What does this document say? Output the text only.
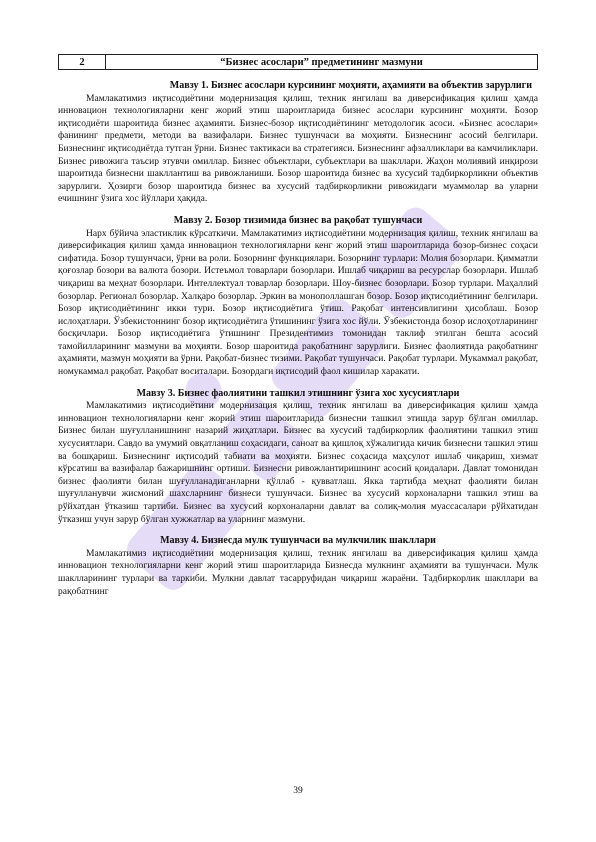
2	“Бизнес асослари” предметининг мазмуни
Мавзу 1. Бизнес асослари курсининг моҳияти, аҳамияти ва объектив зарурлиги

Мамлакатимиз иқтисодиётини модернизация қилиш, техник янгилаш ва диверсификация қилиш ҳамда инновацион технологияларни кенг жорий этиш шароитларида бизнес асослари курсининг моҳияти. Бозор иқтисодиёти шароитида бизнес аҳамияти. Бизнес-бозор иқтисодиётининг методологик асоси. «Бизнес асослари» фанининг предмети, методи ва вазифалари. Бизнес тушунчаси ва моҳияти. Бизнеснинг асосий белгилари. Бизнеснинг иқтисодиётда тутган ўрни. Бизнес тактикаси ва стратегияси. Бизнеснинг афзалликлари ва камчиликлари. Бизнес ривожига таъсир этувчи омиллар. Бизнес объектлари, субъектлари ва шакллари. Жаҳон молиявий инқирози шароитида бизнесни шакллантиш ва ривожланиши. Бозор шароитида бизнес ва хусусий тадбиркорликни объектив зарурлиги. Ҳозирги бозор шароитида бизнес ва хусусий тадбиркорликни ривожидаги муаммолар ва уларни ечишнинг ўзига хос йўллари ҳақида.

Мавзу 2. Бозор тизимида бизнес ва рақобат тушунчаси

Нарх бўйича эластиклик кўрсаткичи. Мамлакатимиз иқтисодиётини модернизация қилиш, техник янгилаш ва диверсификация қилиш ҳамда инновацион технологияларни кенг жорий этиш шароитларида бозор-бизнес соҳаси сифатида. Бозор тушунчаси, ўрни ва роли. Бозорнинг функциялари. Бозорнинг турлари: Молия бозорлари. Қимматли қоғозлар бозори ва валюта бозори. Истеъмол товарлари бозорлари. Ишлаб чиқариш ва ресурслар бозорлари. Ишлаб чиқариш ва меҳнат бозорлари. Интеллектуал товарлар бозорлари. Шоу-бизнес бозорлари. Бозор турлари. Маҳаллий бозорлар. Регионал бозорлар. Халқаро бозорлар. Эркин ва монополлашган бозор. Бозор иқтисодиётининг белгилари. Бозор иқтисодиётининг икки тури. Бозор иқтисодиётига ўтиш. Рақобат интенсивлигини ҳисоблаш. Бозор ислоҳатлари. Ўзбекистоннинг бозор иқтисодиётига ўтишининг ўзига хос йўли. Ўзбекистонда бозор ислоҳотларининг босқичлари. Бозор иқтисодиётига ўтишнинг Президентимиз томонидан таклиф этилган бешта асосий тамойилларининг мазмуни ва моҳияти. Бозор шароитида рақобатнинг зарурлиги. Бизнес фаолиятида рақобатнинг аҳамияти, мазмун моҳияти ва ўрни. Рақобат-бизнес тизими. Рақобат тушунчаси. Рақобат турлари. Мукаммал рақобат, номукаммал рақобат. Рақобат воситалари. Бозордаги иқтисодий фаол кишилар харакати.

Мавзу 3. Бизнес фаолиятини ташкил этишнинг ўзига хос хусусиятлари

Мамлакатимиз иқтисодиётини модернизация қилиш, техник янгилаш ва диверсификация қилиш ҳамда инновацион технологияларни кенг жорий этиш шароитларида бизнесни ташкил этишда зарур бўлган омиллар. Бизнес билан шуғулланишнинг назарий жиҳатлари. Бизнес ва хусусий тадбиркорлик фаолиятини ташкил этиш хусусиятлари. Савдо ва умумий овқатланиш соҳасидаги, саноат ва қишлоқ хўжалигида кичик бизнесни ташкил этиш ва бошқариш. Бизнеснинг иқтисодий табиати ва моҳияти. Бизнес соҳасида маҳсулот ишлаб чиқариш, хизмат кўрсатиш ва вазифалар бажаришнинг ортиши. Бизнесни ривожлантиришнинг асосий қоидалари. Давлат томонидан бизнес фаолияти билан шуғулланадиганларни қўллаб - қувватлаш. Якка тартибда меҳнат фаолияти билан шуғулланувчи жисмоний шахсларнинг бизнеси тушунчаси. Бизнес ва хусусий корхоналарни ташкил этиш ва рўйхатдан ўтказиш тартиби. Бизнес ва хусусий корхоналарни давлат ва солиқ-молия муассасалари рўйхатидан ўтказиш учун зарур бўлган хужжатлар ва уларнинг мазмуни.

Мавзу 4. Бизнесда мулк тушунчаси ва мулкчилик шакллари

Мамлакатимиз иқтисодиётини модернизация қилиш, техник янгилаш ва диверсификация қилиш ҳамда инновацион технологияларни кенг жорий этиш шароитларида Бизнесда мулкнинг аҳамияти ва тушунчаси. Мулк шаклларининг турлари ва таркиби. Мулкни давлат тасарруфидан чиқариш жараёни. Тадбиркорлик шакллари ва рақобатнинг

39
